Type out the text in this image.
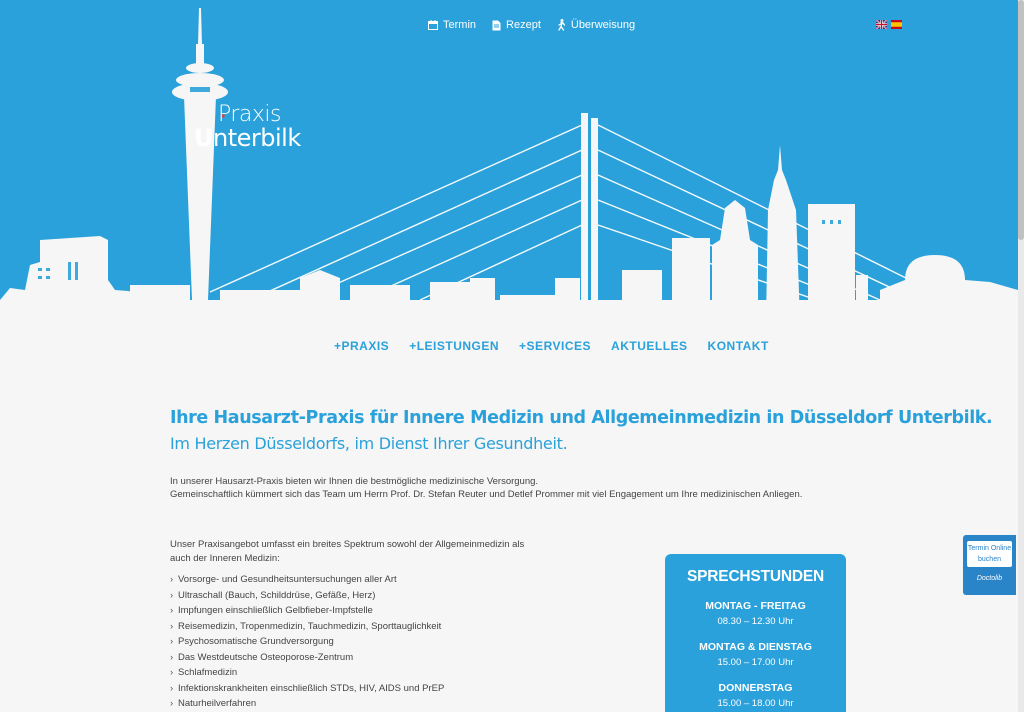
Praxis
Unterbilk
Termin	Rezept	Überweisung
+PRAXIS +LEISTUNGEN +SERVICES AKTUELLES KONTAKT
Ihre Hausarzt-Praxis für Innere Medizin und Allgemeinmedizin in Düsseldorf Unterbilk.
Im Herzen Düsseldorfs, im Dienst Ihrer Gesundheit.
In unserer Hausarzt-Praxis bieten wir Ihnen die bestmögliche medizinische Versorgung.
Gemeinschaftlich kümmert sich das Team um Herrn Prof. Dr. Stefan Reuter und Detlef Prommer mit viel Engagement um Ihre medizinischen Anliegen.

Unser Praxisangebot umfasst ein breites Spektrum sowohl der Allgemeinmedizin als auch der Inneren Medizin:

› Vorsorge- und Gesundheitsuntersuchungen aller Art
› Ultraschall (Bauch, Schilddrüse, Gefäße, Herz)
› Impfungen einschließlich Gelbfieber-Impfstelle
› Reisemedizin, Tropenmedizin, Tauchmedizin, Sporttauglichkeit
› Psychosomatische Grundversorgung
› Das Westdeutsche Osteoporose-Zentrum
› Schlafmedizin
› Infektionskrankheiten einschließlich STDs, HIV, AIDS und PrEP
› Naturheilverfahren
SPRECHSTUNDEN
MONTAG - FREITAG
08.30 – 12.30 Uhr
MONTAG & DIENSTAG
15.00 – 17.00 Uhr
DONNERSTAG
15.00 – 18.00 Uhr
Termin Online buchen
Doctolib
